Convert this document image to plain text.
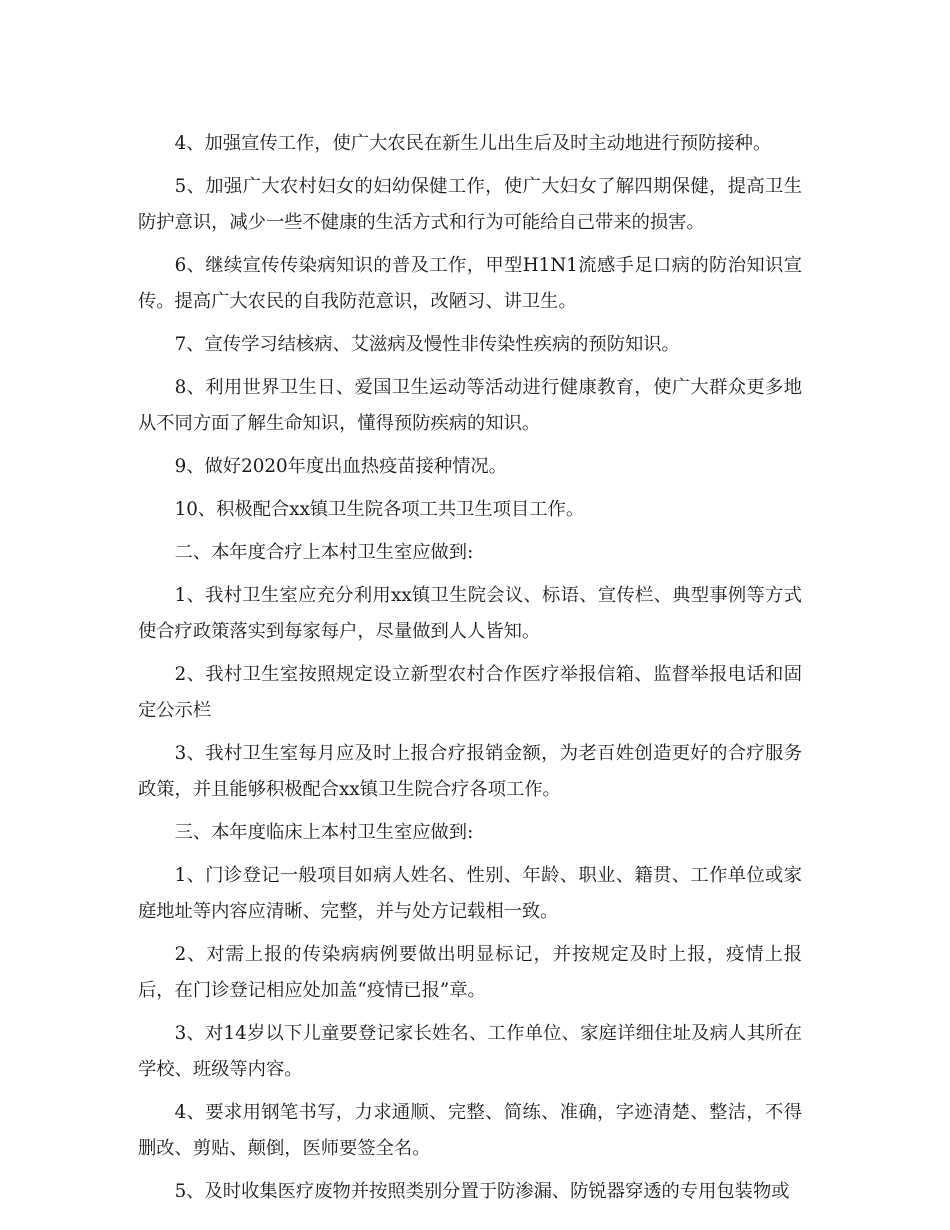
4、加强宣传工作，使广大农民在新生儿出生后及时主动地进行预防接种。

5、加强广大农村妇女的妇幼保健工作，使广大妇女了解四期保健，提高卫生防护意识，减少一些不健康的生活方式和行为可能给自己带来的损害。

6、继续宣传传染病知识的普及工作，甲型H1N1流感手足口病的防治知识宣传。提高广大农民的自我防范意识，改陋习、讲卫生。

7、宣传学习结核病、艾滋病及慢性非传染性疾病的预防知识。

8、利用世界卫生日、爱国卫生运动等活动进行健康教育，使广大群众更多地从不同方面了解生命知识，懂得预防疾病的知识。

9、做好2020年度出血热疫苗接种情况。

10、积极配合xx镇卫生院各项工共卫生项目工作。

二、本年度合疗上本村卫生室应做到:

1、我村卫生室应充分利用xx镇卫生院会议、标语、宣传栏、典型事例等方式使合疗政策落实到每家每户，尽量做到人人皆知。

2、我村卫生室按照规定设立新型农村合作医疗举报信箱、监督举报电话和固定公示栏

3、我村卫生室每月应及时上报合疗报销金额，为老百姓创造更好的合疗服务政策，并且能够积极配合xx镇卫生院合疗各项工作。

三、本年度临床上本村卫生室应做到:

1、门诊登记一般项目如病人姓名、性别、年龄、职业、籍贯、工作单位或家庭地址等内容应清晰、完整，并与处方记载相一致。

2、对需上报的传染病病例要做出明显标记，并按规定及时上报，疫情上报后，在门诊登记相应处加盖“疫情已报”章。

3、对14岁以下儿童要登记家长姓名、工作单位、家庭详细住址及病人其所在学校、班级等内容。

4、要求用钢笔书写，力求通顺、完整、简练、准确，字迹清楚、整洁，不得删改、剪贴、颠倒，医师要签全名。

5、及时收集医疗废物并按照类别分置于防渗漏、防锐器穿透的专用包装物或
